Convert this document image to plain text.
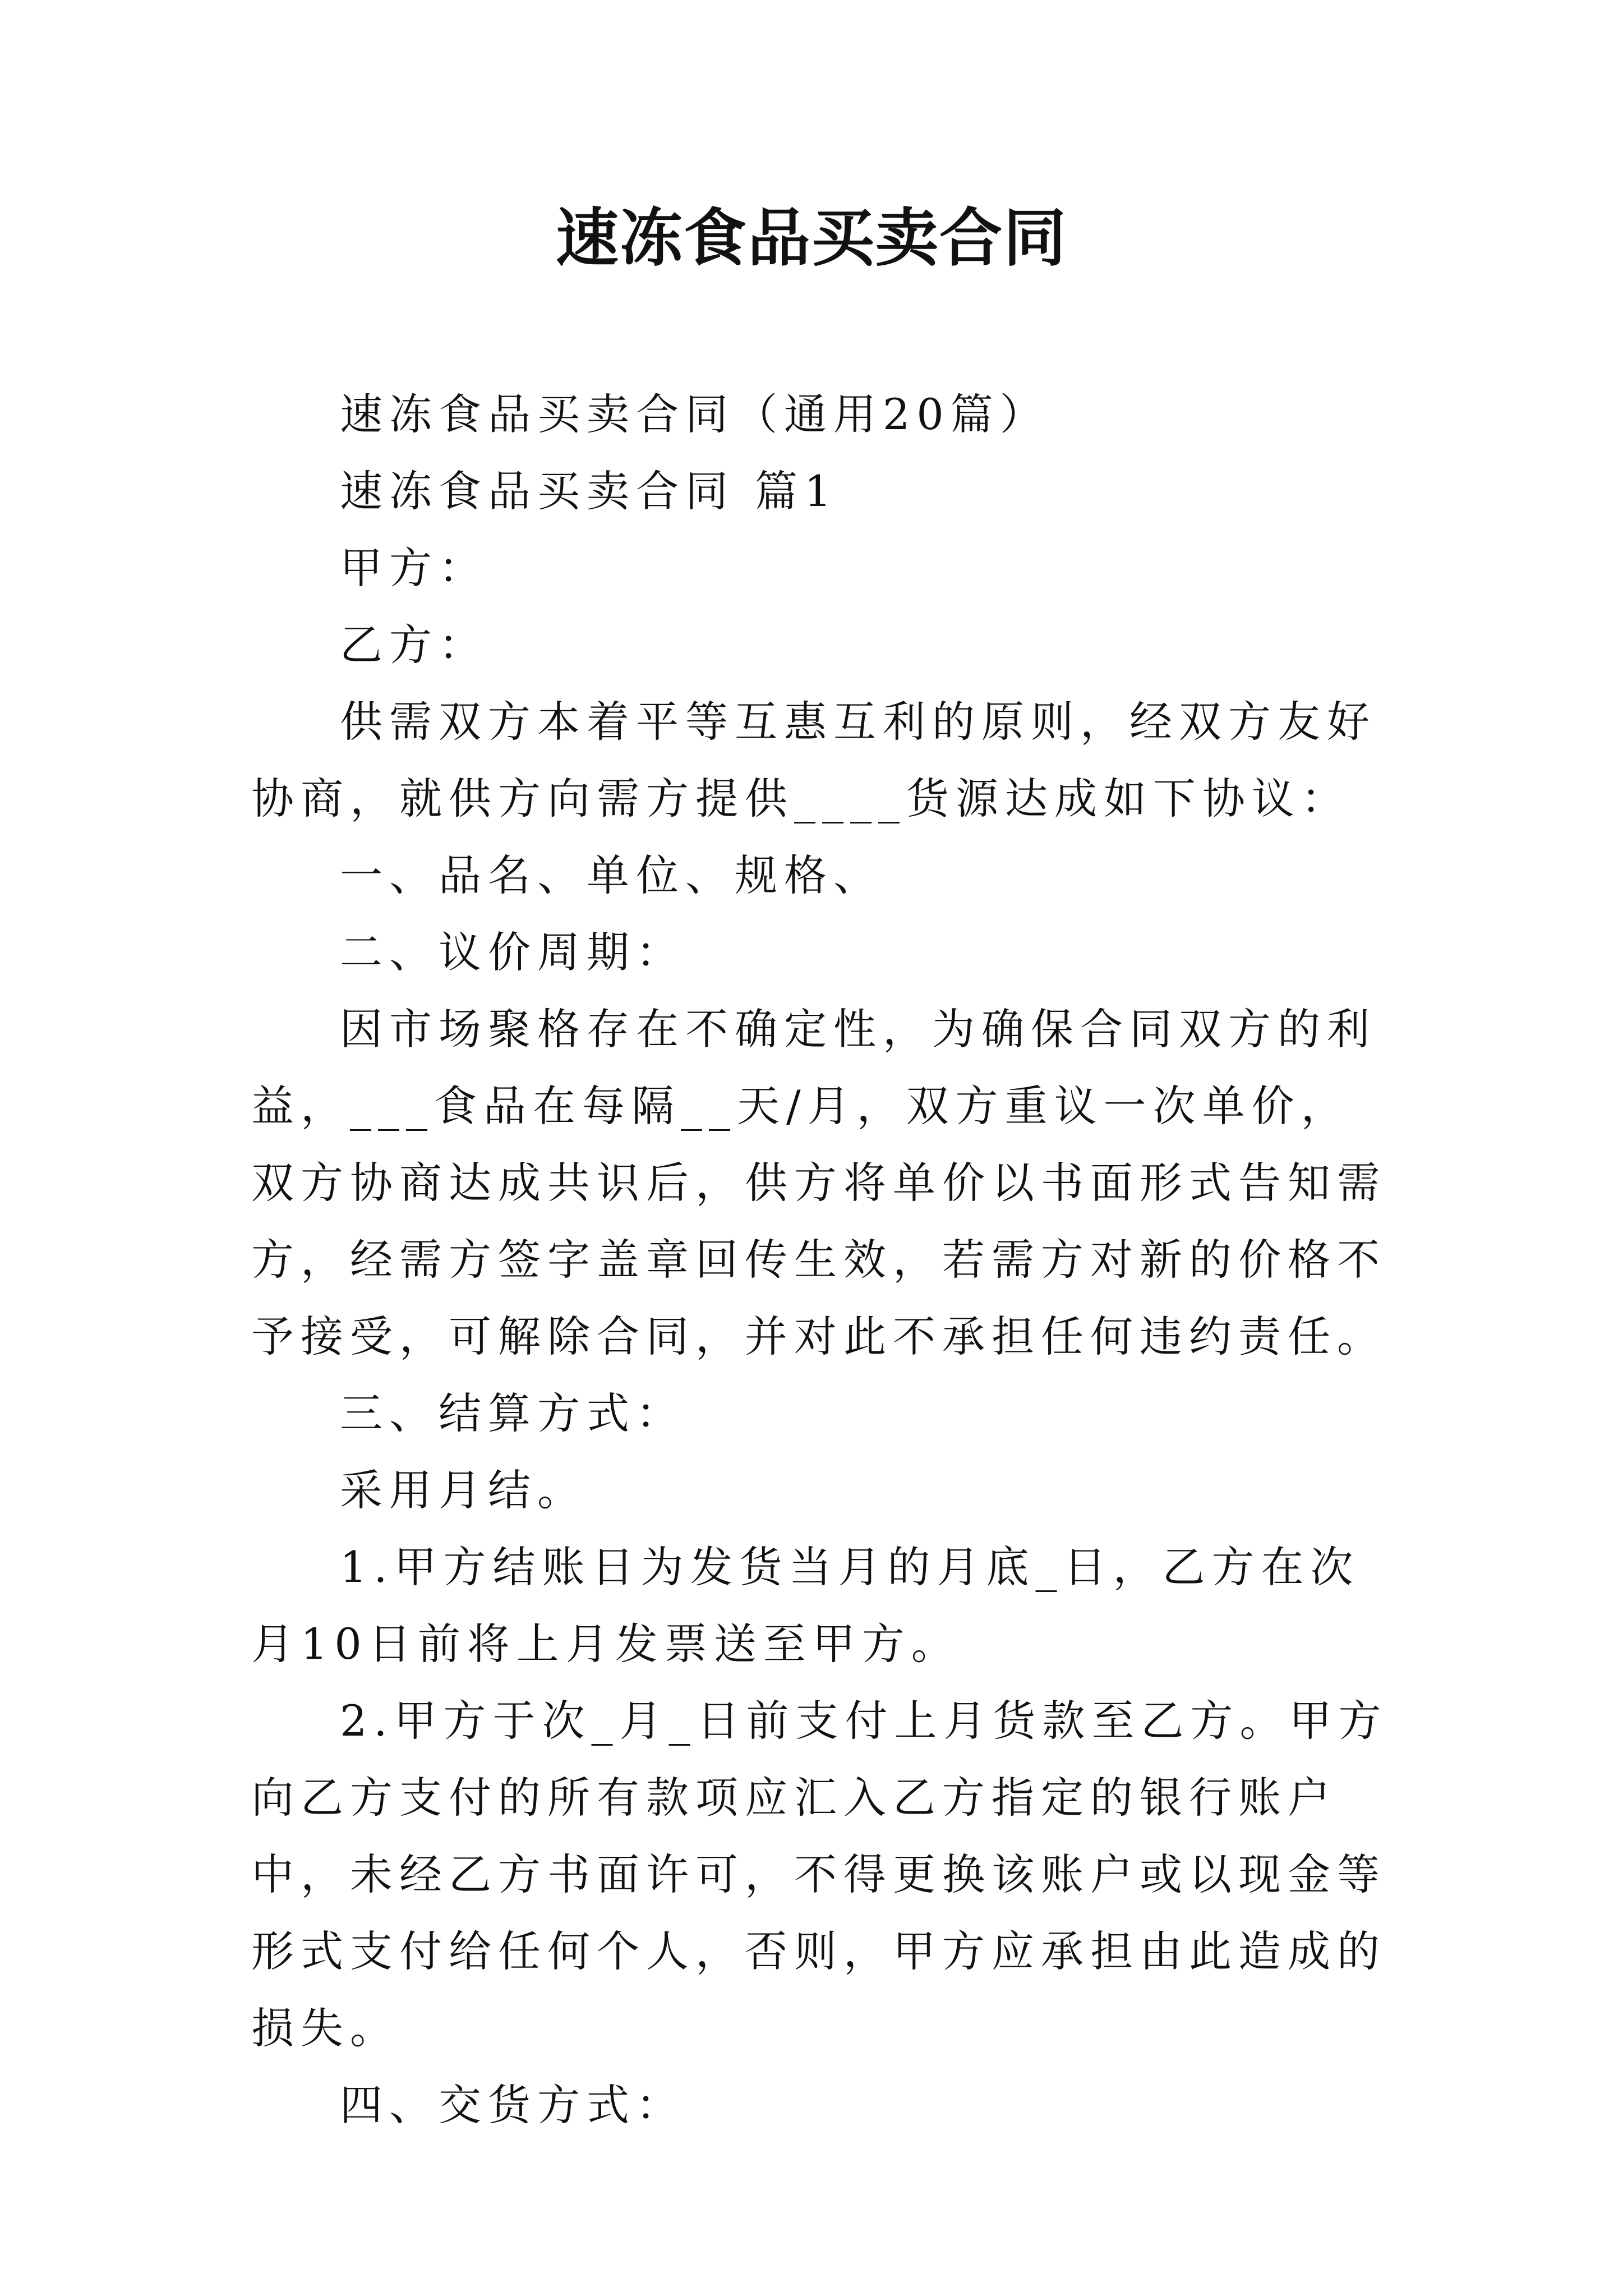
速冻食品买卖合同

速冻食品买卖合同（通用20篇）

速冻食品买卖合同 篇1

甲方：

乙方：

供需双方本着平等互惠互利的原则，经双方友好协商，就供方向需方提供____货源达成如下协议：

一、品名、单位、规格、

二、议价周期：

因市场聚格存在不确定性，为确保合同双方的利益，___食品在每隔__天/月，双方重议一次单价，双方协商达成共识后，供方将单价以书面形式告知需方，经需方签字盖章回传生效，若需方对新的价格不予接受，可解除合同，并对此不承担任何违约责任。

三、结算方式：

采用月结。

1.甲方结账日为发货当月的月底_日，乙方在次月10日前将上月发票送至甲方。

2.甲方于次_月_日前支付上月货款至乙方。甲方向乙方支付的所有款项应汇入乙方指定的银行账户中，未经乙方书面许可，不得更换该账户或以现金等形式支付给任何个人，否则，甲方应承担由此造成的损失。

四、交货方式：
